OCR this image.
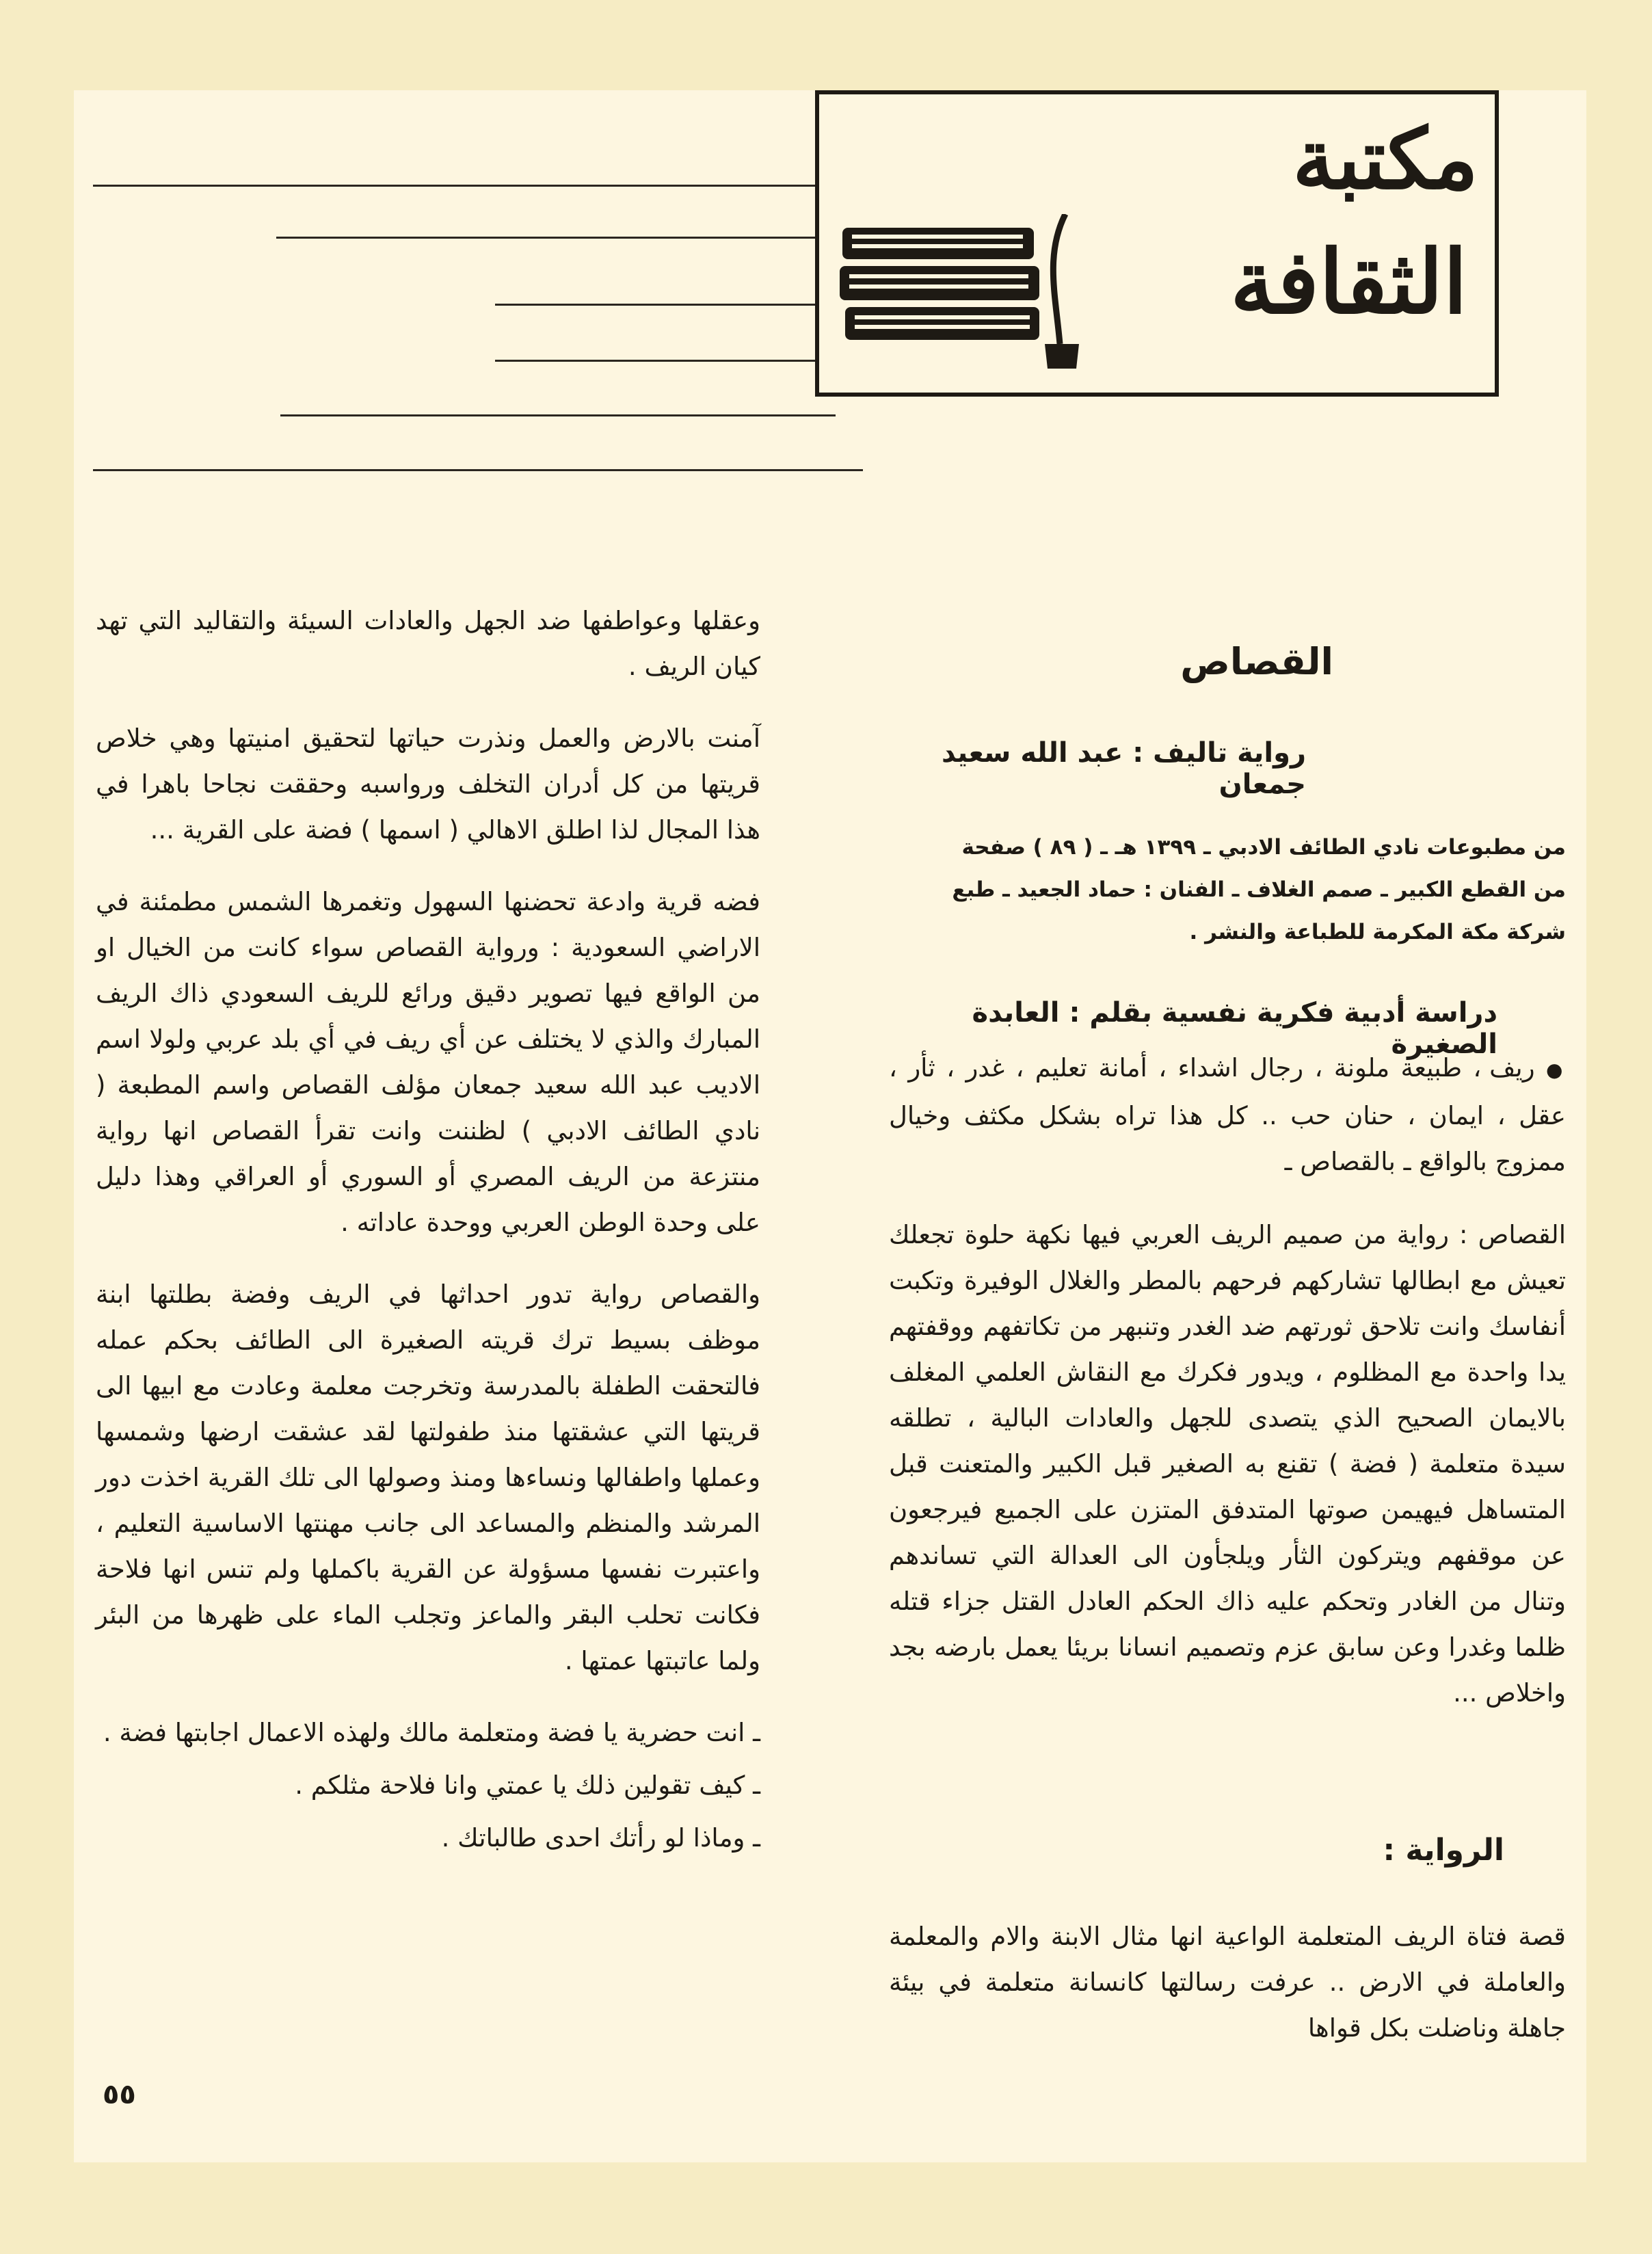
مكتبة
الثقافة
القصاص
رواية تاليف : عبد الله سعيد جمعان
من مطبوعات نادي الطائف الادبي ـ ١٣٩٩ هـ ـ ( ٨٩ ) صفحة
من القطع الكبير ـ صمم الغلاف ـ الفنان : حماد الجعيد ـ طبع
شركة مكة المكرمة للطباعة والنشر .
دراسة أدبية فكرية نفسية بقلم : العابدة الصغيرة
● ريف ، طبيعة ملونة ، رجال اشداء ، أمانة تعليم ، غدر ، ثأر ، عقل ، ايمان ، حنان حب .. كل هذا تراه بشكل مكثف وخيال ممزوج بالواقع ـ بالقصاص ـ
القصاص : رواية من صميم الريف العربي فيها نكهة حلوة تجعلك تعيش مع ابطالها تشاركهم فرحهم بالمطر والغلال الوفيرة وتكبت أنفاسك وانت تلاحق ثورتهم ضد الغدر وتنبهر من تكاتفهم ووقفتهم يدا واحدة مع المظلوم ، ويدور فكرك مع النقاش العلمي المغلف بالايمان الصحيح الذي يتصدى للجهل والعادات البالية ، تطلقه سيدة متعلمة ( فضة ) تقنع به الصغير قبل الكبير والمتعنت قبل المتساهل فيهيمن صوتها المتدفق المتزن على الجميع فيرجعون عن موقفهم ويتركون الثأر ويلجأون الى العدالة التي تساندهم وتنال من الغادر وتحكم عليه ذاك الحكم العادل القتل جزاء قتله ظلما وغدرا وعن سابق عزم وتصميم انسانا بريئا يعمل بارضه بجد واخلاص ...
الرواية :
قصة فتاة الريف المتعلمة الواعية انها مثال الابنة والام والمعلمة والعاملة في الارض .. عرفت رسالتها كانسانة متعلمة في بيئة جاهلة وناضلت بكل قواها

وعقلها وعواطفها ضد الجهل والعادات السيئة والتقاليد التي تهد كيان الريف .

آمنت بالارض والعمل ونذرت حياتها لتحقيق امنيتها وهي خلاص قريتها من كل أدران التخلف ورواسبه وحققت نجاحا باهرا في هذا المجال لذا اطلق الاهالي ( اسمها ) فضة على القرية ...

فضه قرية وادعة تحضنها السهول وتغمرها الشمس مطمئنة في الاراضي السعودية : ورواية القصاص سواء كانت من الخيال او من الواقع فيها تصوير دقيق ورائع للريف السعودي ذاك الريف المبارك والذي لا يختلف عن أي ريف في أي بلد عربي ولولا اسم الاديب عبد الله سعيد جمعان مؤلف القصاص واسم المطبعة ( نادي الطائف الادبي ) لظننت وانت تقرأ القصاص انها رواية منتزعة من الريف المصري أو السوري أو العراقي وهذا دليل على وحدة الوطن العربي ووحدة عاداته .

والقصاص رواية تدور احداثها في الريف وفضة بطلتها ابنة موظف بسيط ترك قريته الصغيرة الى الطائف بحكم عمله فالتحقت الطفلة بالمدرسة وتخرجت معلمة وعادت مع ابيها الى قريتها التي عشقتها منذ طفولتها لقد عشقت ارضها وشمسها وعملها واطفالها ونساءها ومنذ وصولها الى تلك القرية اخذت دور المرشد والمنظم والمساعد الى جانب مهنتها الاساسية التعليم ، واعتبرت نفسها مسؤولة عن القرية باكملها ولم تنس انها فلاحة فكانت تحلب البقر والماعز وتجلب الماء على ظهرها من البئر ولما عاتبتها عمتها .

ـ انت حضرية يا فضة ومتعلمة مالك ولهذه الاعمال اجابتها فضة .

ـ كيف تقولين ذلك يا عمتي وانا فلاحة مثلكم .

ـ وماذا لو رأتك احدى طالباتك .

٥٥
